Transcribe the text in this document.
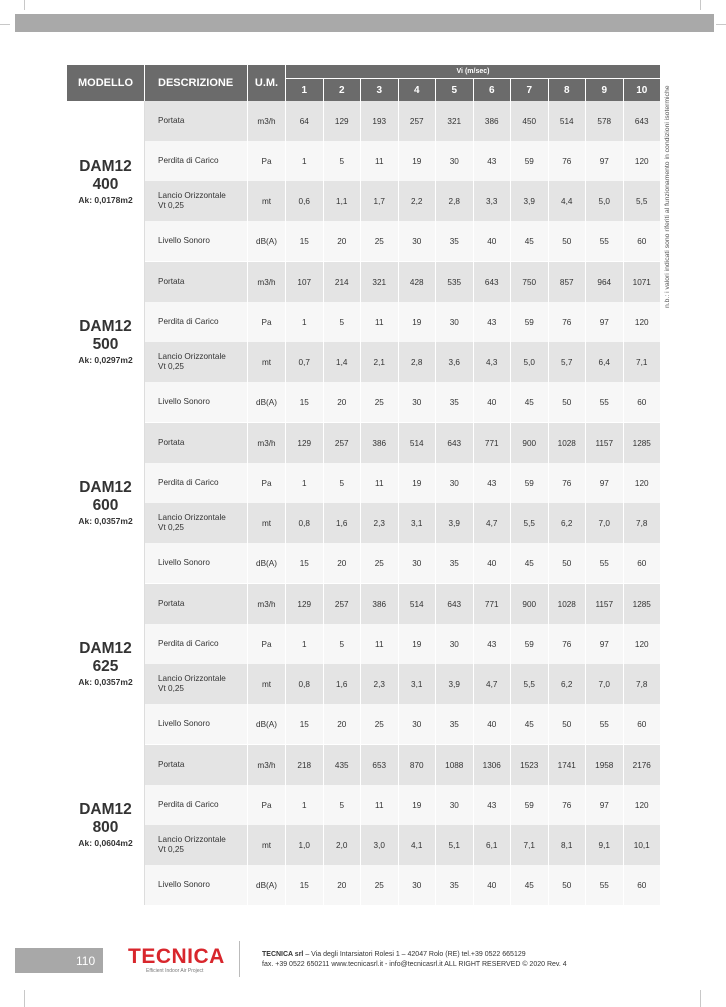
MODELLO	DESCRIZIONE	U.M.	Vi (m/sec)									
			1	2	3	4	5	6	7	8	9	10

DAM12
400
Ak: 0,0178m2	Portata	m3/h	64	129	193	257	321	386	450	514	578	643

	Perdita di Carico	Pa	1	5	11	19	30	43	59	76	97	120

	Lancio Orizzontale
Vt 0,25	mt	0,6	1,1	1,7	2,2	2,8	3,3	3,9	4,4	5,0	5,5

	Livello Sonoro	dB(A)	15	20	25	30	35	40	45	50	55	60

DAM12
500
Ak: 0,0297m2	Portata	m3/h	107	214	321	428	535	643	750	857	964	1071

	Perdita di Carico	Pa	1	5	11	19	30	43	59	76	97	120

	Lancio Orizzontale
Vt 0,25	mt	0,7	1,4	2,1	2,8	3,6	4,3	5,0	5,7	6,4	7,1

	Livello Sonoro	dB(A)	15	20	25	30	35	40	45	50	55	60

DAM12
600
Ak: 0,0357m2	Portata	m3/h	129	257	386	514	643	771	900	1028	1157	1285

	Perdita di Carico	Pa	1	5	11	19	30	43	59	76	97	120

	Lancio Orizzontale
Vt 0,25	mt	0,8	1,6	2,3	3,1	3,9	4,7	5,5	6,2	7,0	7,8

	Livello Sonoro	dB(A)	15	20	25	30	35	40	45	50	55	60

DAM12
625
Ak: 0,0357m2	Portata	m3/h	129	257	386	514	643	771	900	1028	1157	1285

	Perdita di Carico	Pa	1	5	11	19	30	43	59	76	97	120

	Lancio Orizzontale
Vt 0,25	mt	0,8	1,6	2,3	3,1	3,9	4,7	5,5	6,2	7,0	7,8

	Livello Sonoro	dB(A)	15	20	25	30	35	40	45	50	55	60

DAM12
800
Ak: 0,0604m2	Portata	m3/h	218	435	653	870	1088	1306	1523	1741	1958	2176

	Perdita di Carico	Pa	1	5	11	19	30	43	59	76	97	120

	Lancio Orizzontale
Vt 0,25	mt	1,0	2,0	3,0	4,1	5,1	6,1	7,1	8,1	9,1	10,1

	Livello Sonoro	dB(A)	15	20	25	30	35	40	45	50	55	60
n.b.: i valori indicati sono riferiti al funzionamento in condizioni isotermiche
110 TECNICA
Efficient Indoor Air Project
TECNICA srl – Via degli Intarsiatori Rolesi 1 – 42047 Rolo (RE) tel.+39 0522 665129
fax. +39 0522 650211 www.tecnicasrl.it - info@tecnicasrl.it ALL RIGHT RESERVED © 2020 Rev. 4
